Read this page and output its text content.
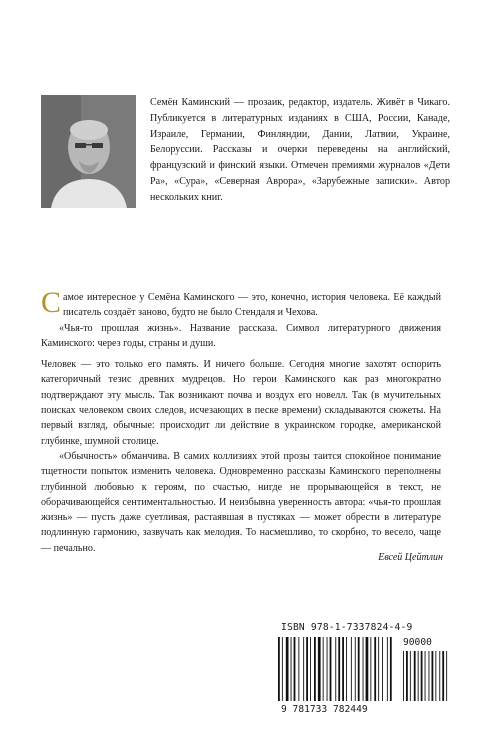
Семён Каминский — прозаик, редактор, издатель. Живёт в Чикаго. Публикуется в литературных изданиях в США, России, Канаде, Израиле, Германии, Финляндии, Дании, Латвии, Украине, Белоруссии. Рассказы и очерки переведены на английский, французский и финский языки. Отмечен премиями журналов «Дети Ра», «Сура», «Северная Аврора», «Зарубежные записки». Автор нескольких книг.

Самое интересное у Семёна Каминского — это, конечно, история человека. Её каждый писатель создаёт заново, будто не было Стендаля и Чехова.

«Чья-то прошлая жизнь». Название рассказа. Символ литературного движения Каминского: через годы, страны и души.

Человек — это только его память. И ничего больше. Сегодня многие захотят оспорить категоричный тезис древних мудрецов. Но герои Каминского как раз многократно подтверждают эту мысль. Так возникают почва и воздух его новелл. Так (в мучительных поисках человеком своих следов, исчезающих в песке времени) складываются сюжеты. На первый взгляд, обычные: происходит ли действие в украинском городке, американской глубинке, шумной столице.

«Обычность» обманчива. В самих коллизиях этой прозы таится спокойное понимание тщетности попыток изменить человека. Одновременно рассказы Каминского переполнены глубинной любовью к героям, по счастью, нигде не прорывающейся в текст, не оборачивающейся сентиментальностью. И неизбывна уверенность автора: «чья-то прошлая жизнь» — пусть даже суетливая, растаявшая в пустяках — может обрести в литературе подлинную гармонию, зазвучать как мелодия. То насмешливо, то скорбно, то весело, чаще — печально.

Евсей Цейтлин
ISBN 978-1-7337824-4-9
90000
9 781733 782449
